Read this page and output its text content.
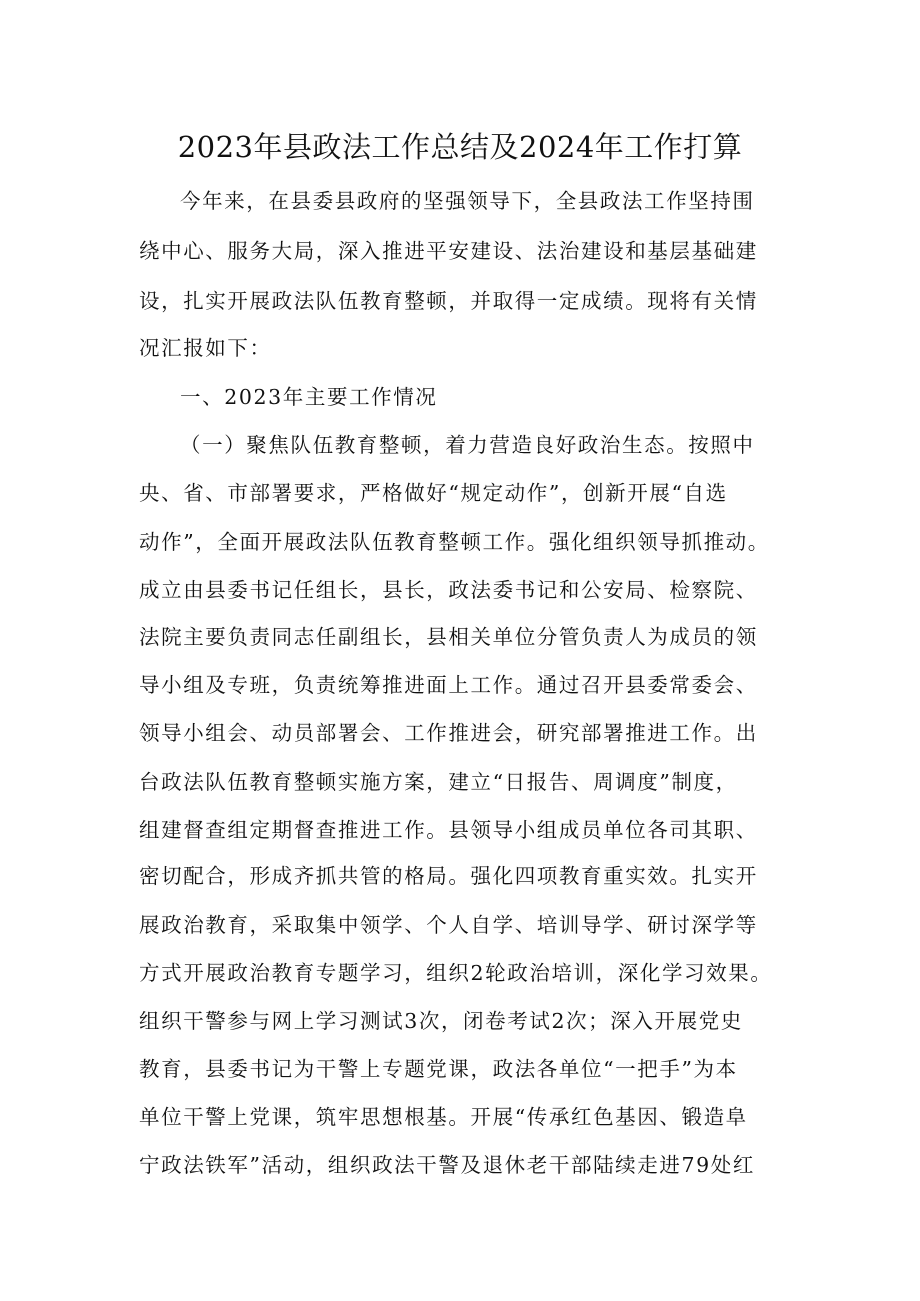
2023年县政法工作总结及2024年工作打算
今年来，在县委县政府的坚强领导下，全县政法工作坚持围
绕中心、服务大局，深入推进平安建设、法治建设和基层基础建
设，扎实开展政法队伍教育整顿，并取得一定成绩。现将有关情
况汇报如下：
一、2023年主要工作情况
（一）聚焦队伍教育整顿，着力营造良好政治生态。按照中
央、省、市部署要求，严格做好“规定动作”，创新开展“自选
动作”，全面开展政法队伍教育整顿工作。强化组织领导抓推动。
成立由县委书记任组长，县长，政法委书记和公安局、检察院、
法院主要负责同志任副组长，县相关单位分管负责人为成员的领
导小组及专班，负责统筹推进面上工作。通过召开县委常委会、
领导小组会、动员部署会、工作推进会，研究部署推进工作。出
台政法队伍教育整顿实施方案，建立“日报告、周调度”制度，
组建督查组定期督查推进工作。县领导小组成员单位各司其职、
密切配合，形成齐抓共管的格局。强化四项教育重实效。扎实开
展政治教育，采取集中领学、个人自学、培训导学、研讨深学等
方式开展政治教育专题学习，组织2轮政治培训，深化学习效果。
组织干警参与网上学习测试3次，闭卷考试2次；深入开展党史
教育，县委书记为干警上专题党课，政法各单位“一把手”为本
单位干警上党课，筑牢思想根基。开展“传承红色基因、锻造阜
宁政法铁军”活动，组织政法干警及退休老干部陆续走进79处红
